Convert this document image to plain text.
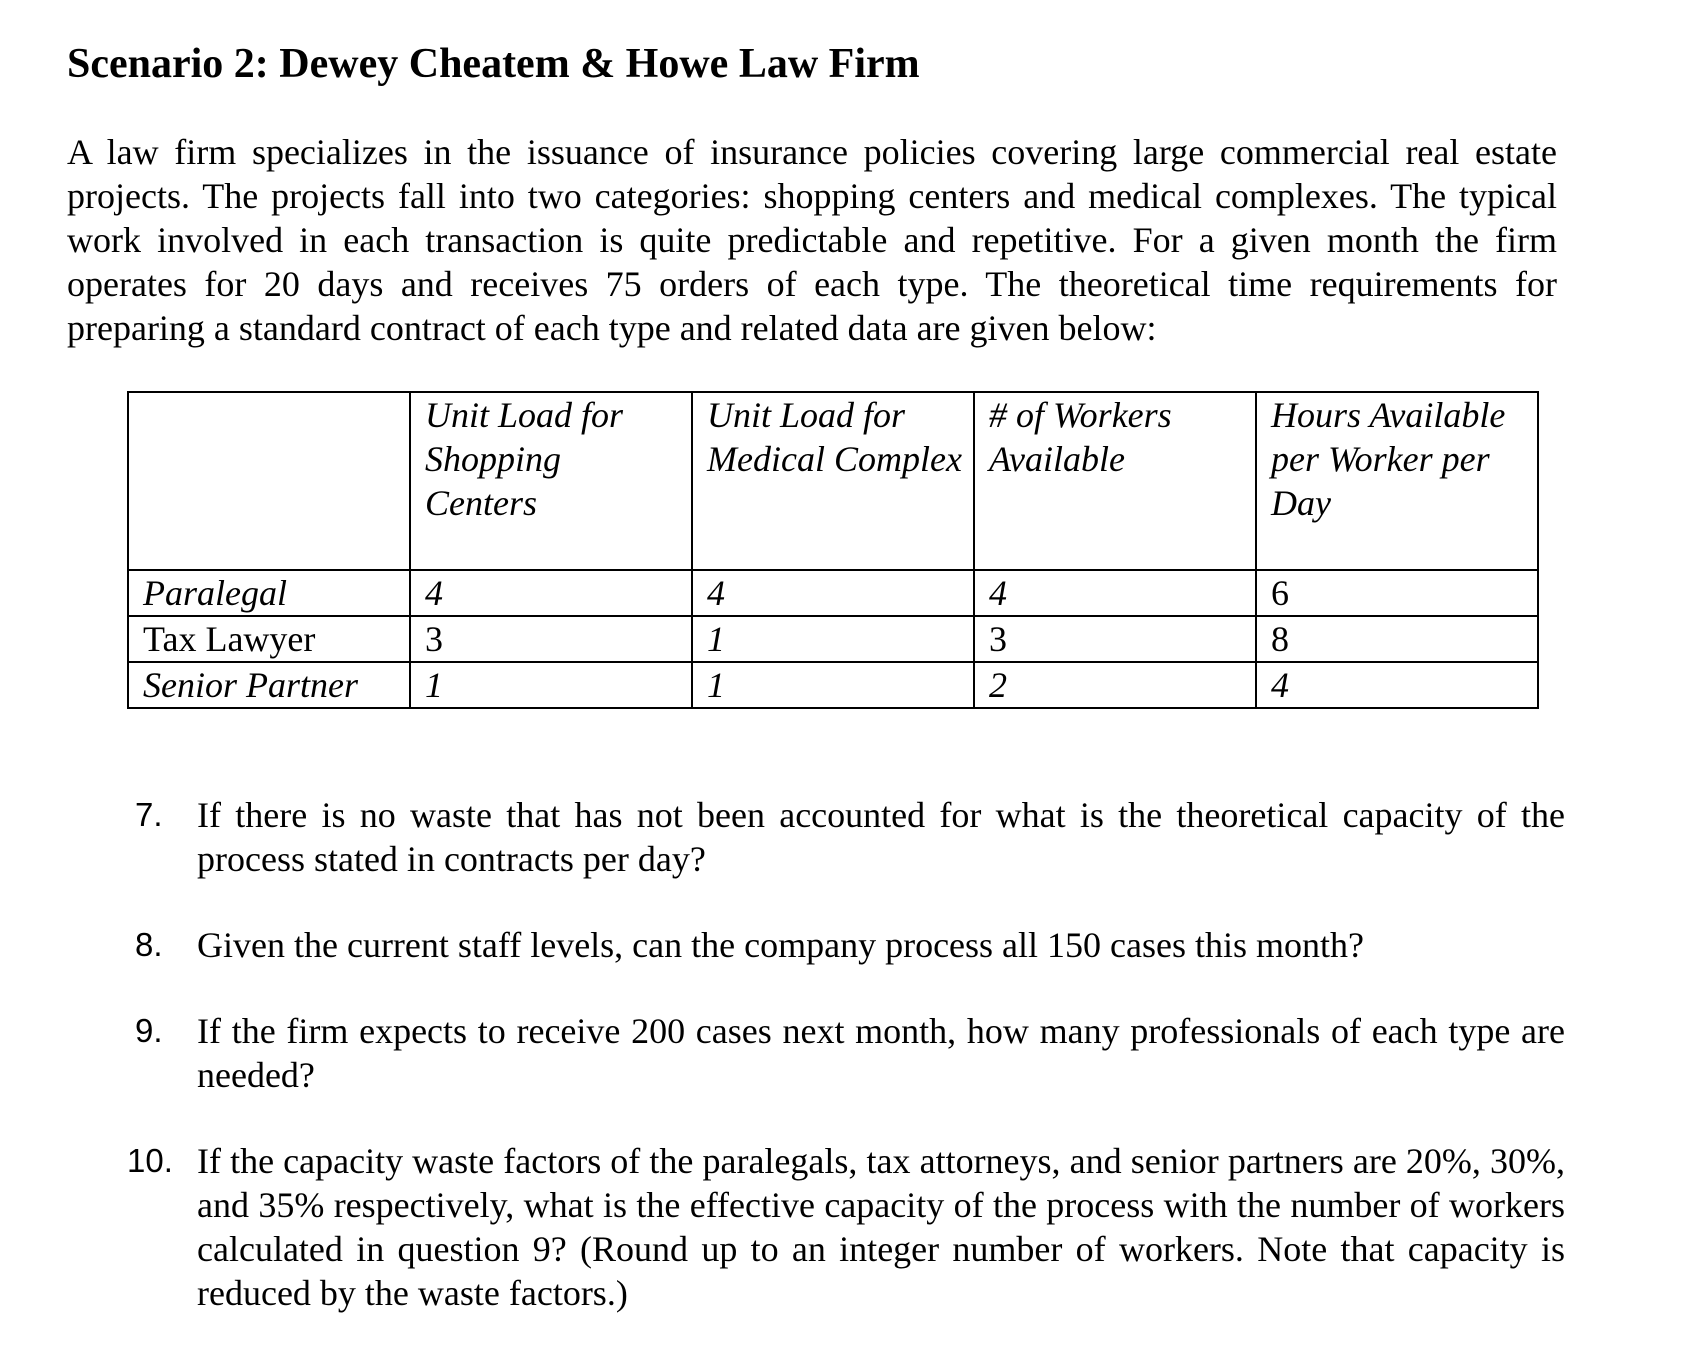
Scenario 2: Dewey Cheatem & Howe Law Firm

A law firm specializes in the issuance of insurance policies covering large commercial real estate projects. The projects fall into two categories: shopping centers and medical complexes. The typical work involved in each transaction is quite predictable and repetitive. For a given month the firm operates for 20 days and receives 75 orders of each type. The theoretical time requirements for preparing a standard contract of each type and related data are given below:

	Unit Load for Shopping Centers	Unit Load for Medical Complex	# of Workers Available	Hours Available per Worker per Day
Paralegal	4	4	4	6
Tax Lawyer	3	1	3	8
Senior Partner	1	1	2	4
7. If there is no waste that has not been accounted for what is the theoretical capacity of the process stated in contracts per day?
8. Given the current staff levels, can the company process all 150 cases this month?
9. If the firm expects to receive 200 cases next month, how many professionals of each type are needed?
10. If the capacity waste factors of the paralegals, tax attorneys, and senior partners are 20%, 30%, and 35% respectively, what is the effective capacity of the process with the number of workers calculated in question 9? (Round up to an integer number of workers. Note that capacity is reduced by the waste factors.)
